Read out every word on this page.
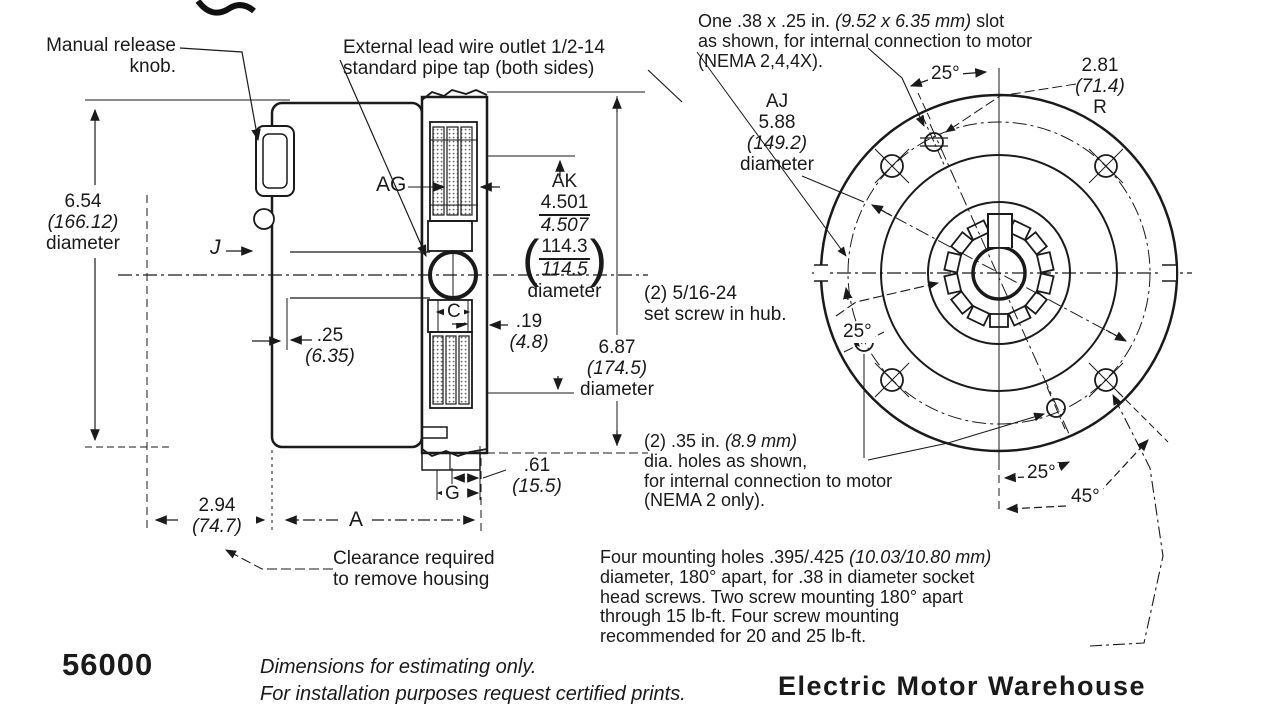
Manual release
knob.
External lead wire outlet 1/2-14
standard pipe tap (both sides)
One .38 x .25 in. (9.52 x 6.35 mm) slot
as shown, for internal connection to motor
(NEMA 2,4,4X).	2.81
(71.4)
R
AJ
5.88
(149.2)
diameter
25°
6.54
(166.12)
diameter	J
AG	AK

$\frac{4.501}{4.507}$

( $\frac{114.3}{114.5}$ )

diameter
.25
(6.35)
C	.19
(4.8)	6.87
(174.5)
diameter
(2) 5/16-24
set screw in hub.
25°
(2) .35 in. (8.9 mm)
dia. holes as shown,
for internal connection to motor
(NEMA 2 only).
25°
45°
.61
(15.5)
G
2.94
(74.7)	A
Clearance required
to remove housing
Four mounting holes .395/.425 (10.03/10.80 mm)
diameter, 180° apart, for .38 in diameter socket
head screws. Two screw mounting 180° apart
through 15 lb-ft. Four screw mounting
recommended for 20 and 25 lb-ft.
56000	Dimensions for estimating only.
For installation purposes request certified prints.	Electric Motor Warehouse
